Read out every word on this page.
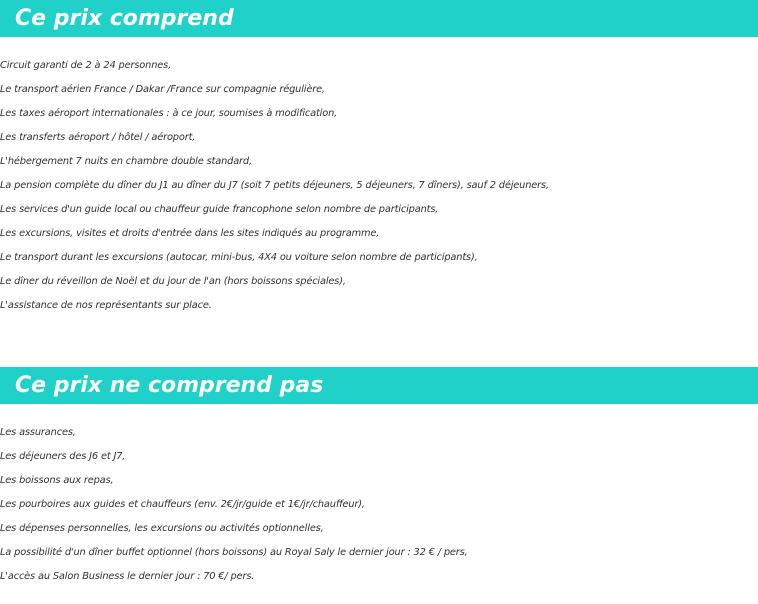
Ce prix comprend
Circuit garanti de 2 à 24 personnes,
Le transport aérien France / Dakar /France sur compagnie régulière,
Les taxes aéroport internationales : à ce jour, soumises à modification,
Les transferts aéroport / hôtel / aéroport,
L'hébergement 7 nuits en chambre double standard,
La pension complète du dîner du J1 au dîner du J7 (soit 7 petits déjeuners, 5 déjeuners, 7 dîners), sauf 2 déjeuners,
Les services d'un guide local ou chauffeur guide francophone selon nombre de participants,
Les excursions, visites et droits d'entrée dans les sites indiqués au programme,
Le transport durant les excursions (autocar, mini-bus, 4X4 ou voiture selon nombre de participants),
Le dîner du réveillon de Noël et du jour de l'an (hors boissons spéciales),
L'assistance de nos représentants sur place.
Ce prix ne comprend pas
Les assurances,
Les déjeuners des J6 et J7,
Les boissons aux repas,
Les pourboires aux guides et chauffeurs (env. 2€/jr/guide et 1€/jr/chauffeur),
Les dépenses personnelles, les excursions ou activités optionnelles,
La possibilité d'un dîner buffet optionnel (hors boissons) au Royal Saly le dernier jour : 32 € / pers,
L'accès au Salon Business le dernier jour : 70 €/ pers.
